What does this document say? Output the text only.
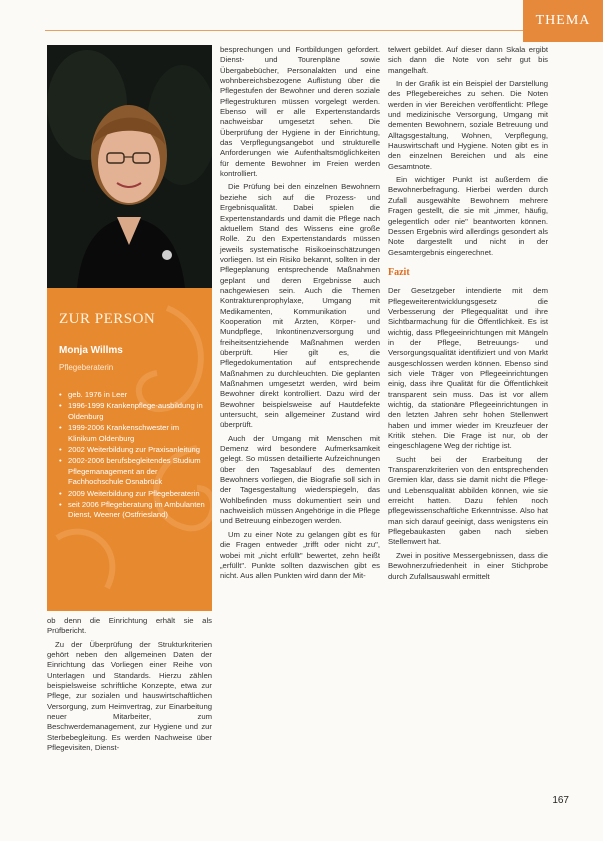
THEMA
ZUR PERSON
Monja Willms
Pflegeberaterin
• geb. 1976 in Leer
• 1996-1999 Krankenpflege-ausbildung in Oldenburg
• 1999-2006 Krankenschwester im Klinikum Oldenburg
• 2002 Weiterbildung zur Praxisanleitung
• 2002-2006 berufsbegleitendes Studium Pflegemanagement an der Fachhochschule Osnabrück
• 2009 Weiterbildung zur Pflegeberaterin
• seit 2006 Pflegeberatung im Ambulanten Dienst, Weener (Ostfriesland)

ob denn die Einrichtung erhält sie als Prüfbericht.

Zu der Überprüfung der Strukturkriterien gehört neben den allgemeinen Daten der Einrichtung das Vorliegen einer Reihe von Unterlagen und Standards. Hierzu zählen beispielsweise schriftliche Konzepte, etwa zur Pflege, zur sozialen und hauswirtschaftlichen Versorgung, zum Heimvertrag, zur Einarbeitung neuer Mitarbeiter, zum Beschwerdemanagement, zur Hygiene und zur Sterbebegleitung. Es werden Nachweise über Pflegevisiten, Dienst-

besprechungen und Fortbildungen gefordert. Dienst- und Tourenpläne sowie Übergabebücher, Personalakten und eine wohnbereichsbezogene Auflistung über die Pflegestufen der Bewohner und deren soziale Pflegestrukturen müssen vorgelegt werden. Ebenso will er alle Expertenstandards nachweisbar umgesetzt sehen. Die Überprüfung der Hygiene in der Einrichtung, das Verpflegungsangebot und strukturelle Anforderungen wie Aufenthaltsmöglichkeiten für demente Bewohner im Freien werden kontrolliert.

Die Prüfung bei den einzelnen Bewohnern beziehe sich auf die Prozess- und Ergebnisqualität. Dabei spielen die Expertenstandards und damit die Pflege nach aktuellem Stand des Wissens eine große Rolle. Zu den Expertenstandards müssen jeweils systematische Risikoeinschätzungen vorliegen. Ist ein Risiko bekannt, sollten in der Pflegeplanung entsprechende Maßnahmen geplant und deren Ergebnisse auch nachgewiesen sein. Auch die Themen Kontrakturenprophylaxe, Umgang mit Medikamenten, Kommunikation und Kooperation mit Ärzten, Körper- und Mundpflege, Inkontinenzversorgung und freiheitsentziehende Maßnahmen werden überprüft. Hier gilt es, die Pflegedokumentation auf entsprechende Maßnahmen zu durchleuchten. Die geplanten Maßnahmen umgesetzt werden, wird beim Bewohner direkt kontrolliert. Dazu wird der Bewohner beispielsweise auf Hautdefekte untersucht, sein allgemeiner Zustand wird überprüft.

Auch der Umgang mit Menschen mit Demenz wird besondere Aufmerksamkeit gelegt. So müssen detaillierte Aufzeichnungen über den Tagesablauf des dementen Bewohners vorliegen, die Biografie soll sich in der Tagesgestaltung wiederspiegeln, das Wohlbefinden muss dokumentiert sein und nachweislich müssen Angehörige in die Pflege und Betreuung einbezogen werden.

Um zu einer Note zu gelangen gibt es für die Fragen entweder „trifft oder nicht zu", wobei mit „nicht erfüllt" bewertet, zehn heißt „erfüllt". Punkte sollten dazwischen gibt es nicht. Aus allen Punkten wird dann der Mit-

telwert gebildet. Auf dieser dann Skala ergibt sich dann die Note von sehr gut bis mangelhaft.

In der Grafik ist ein Beispiel der Darstellung des Pflegebereiches zu sehen. Die Noten werden in vier Bereichen veröffentlicht: Pflege und medizinische Versorgung, Umgang mit dementen Bewohnern, soziale Betreuung und Alltagsgestaltung, Wohnen, Verpflegung, Hauswirtschaft und Hygiene. Noten gibt es in den einzelnen Bereichen und als eine Gesamtnote.

Ein wichtiger Punkt ist außerdem die Bewohnerbefragung. Hierbei werden durch Zufall ausgewählte Bewohnern mehrere Fragen gestellt, die sie mit „immer, häufig, gelegentlich oder nie" beantworten können. Dessen Ergebnis wird allerdings gesondert als Note dargestellt und nicht in der Gesamtergebnis eingerechnet.

Fazit

Der Gesetzgeber intendierte mit dem Pflegeweiterentwicklungsgesetz die Verbesserung der Pflegequalität und ihre Sichtbarmachung für die Öffentlichkeit. Es ist wichtig, dass Pflegeeinrichtungen mit Mängeln in der Pflege, Betreuungs- und Versorgungsqualität identifiziert und von Markt ausgeschlossen werden können. Ebenso sind sich viele Träger von Pflegeeinrichtungen einig, dass ihre Qualität für die Öffentlichkeit transparent sein muss. Das ist vor allem wichtig, da stationäre Pflegeeinrichtungen in den letzten Jahren sehr hohen Stellenwert haben und immer wieder im Kreuzfeuer der Kritik stehen. Die Frage ist nur, ob der eingeschlagene Weg der richtige ist.

Sucht bei der Erarbeitung der Transparenzkriterien von den entsprechenden Gremien klar, dass sie damit nicht die Pflege- und Lebensqualität abbilden können, wie sie erreicht hatten. Dazu fehlen noch pflegewissenschaftliche Erkenntnisse. Also hat man sich darauf geeinigt, dass wenigstens ein Pflegebaukasten gaben nach sieben Stellenwert hat.

Zwei in positive Messergebnissen, dass die Bewohnerzufriedenheit in einer Stichprobe durch Zufallsauswahl ermittelt

167
